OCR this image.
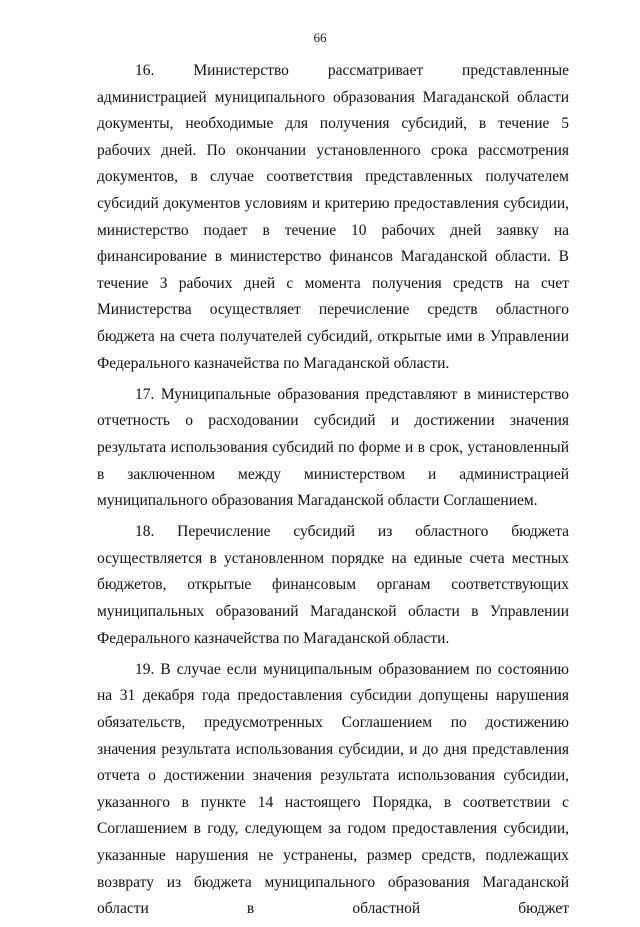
66

16. Министерство рассматривает представленные администрацией муниципального образования Магаданской области документы, необходимые для получения субсидий, в течение 5 рабочих дней. По окончании установленного срока рассмотрения документов, в случае соответствия представленных получателем субсидий документов условиям и критерию предоставления субсидии, министерство подает в течение 10 рабочих дней заявку на финансирование в министерство финансов Магаданской области. В течение 3 рабочих дней с момента получения средств на счет Министерства осуществляет перечисление средств областного бюджета на счета получателей субсидий, открытые ими в Управлении Федерального казначейства по Магаданской области.

17. Муниципальные образования представляют в министерство отчетность о расходовании субсидий и достижении значения результата использования субсидий по форме и в срок, установленный в заключенном между министерством и администрацией муниципального образования Магаданской области Соглашением.

18. Перечисление субсидий из областного бюджета осуществляется в установленном порядке на единые счета местных бюджетов, открытые финансовым органам соответствующих муниципальных образований Магаданской области в Управлении Федерального казначейства по Магаданской области.

19. В случае если муниципальным образованием по состоянию на 31 декабря года предоставления субсидии допущены нарушения обязательств, предусмотренных Соглашением по достижению значения результата использования субсидии, и до дня представления отчета о достижении значения результата использования субсидии, указанного в пункте 14 настоящего Порядка, в соответствии с Соглашением в году, следующем за годом предоставления субсидии, указанные нарушения не устранены, размер средств, подлежащих возврату из бюджета муниципального образования Магаданской области в областной бюджет
